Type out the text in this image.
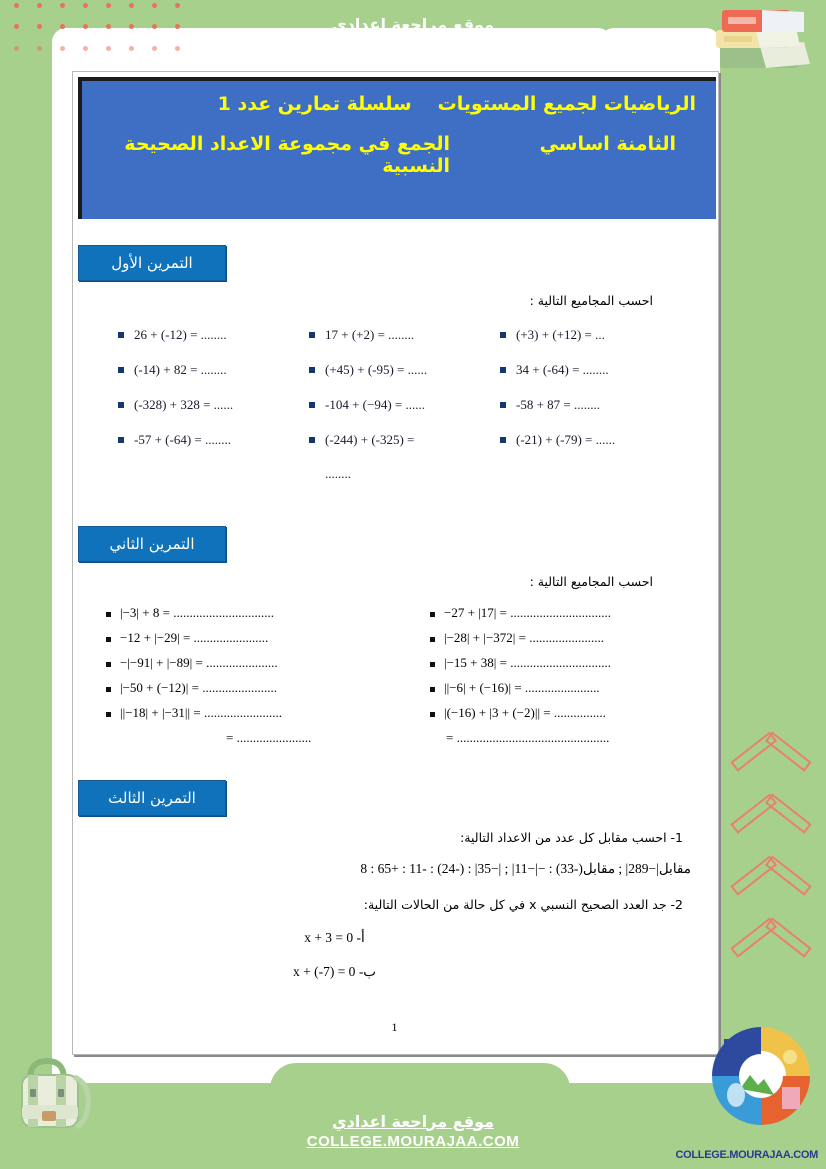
COLLEGE.MOURAJAA.COM
موقع مراجعة اعدادي
COLLEGE.MOURAJAA.COM
موقع مراجعة اعدادي
COLLEGE.MOURAJAA.COM
الرياضيات لجميع المستويات
سلسلة تمارين عدد 1
الثامنة اساسي
الجمع في مجموعة الاعداد الصحيحة النسبية
التمرين الأول
احسب المجاميع التالية :
26 + (-12) = ........
(-14) + 82 = ........
(-328) + 328 = ......
-57 + (-64) = ........
17 + (+2) = ........
(+45) + (-95) = ......
-104 + (−94) = ......
(-244) + (-325) =
........
(+3) + (+12) = ...
34 + (-64) = ........
-58 + 87 = ........
(-21) + (-79) = ......
التمرين الثاني
احسب المجاميع التالية :
|−3| + 8 = ...............................
−12 + |−29| = .......................
−|−91| + |−89| = ......................
|−50 + (−12)| = .......................
||−18| + |−31|| = ........................
= .......................
−27 + |17| = ...............................
|−28| + |−372| = .......................
|−15 + 38| = ...............................
||−6| + (−16)| = .......................
|(−16) + |3 + (−2)|| = ................
= ...............................................
التمرين الثالث
1- احسب مقابل كل عدد من الاعداد التالية:
مقابل|−289| ; مقابل(-33) : −|−11| ; |−35| : (-24) : -11 : +65 : 8
2- جد العدد الصحيح النسبي x في كل حالة من الحالات التالية:
أ- x + 3 = 0
ب- x + (-7) = 0
1
